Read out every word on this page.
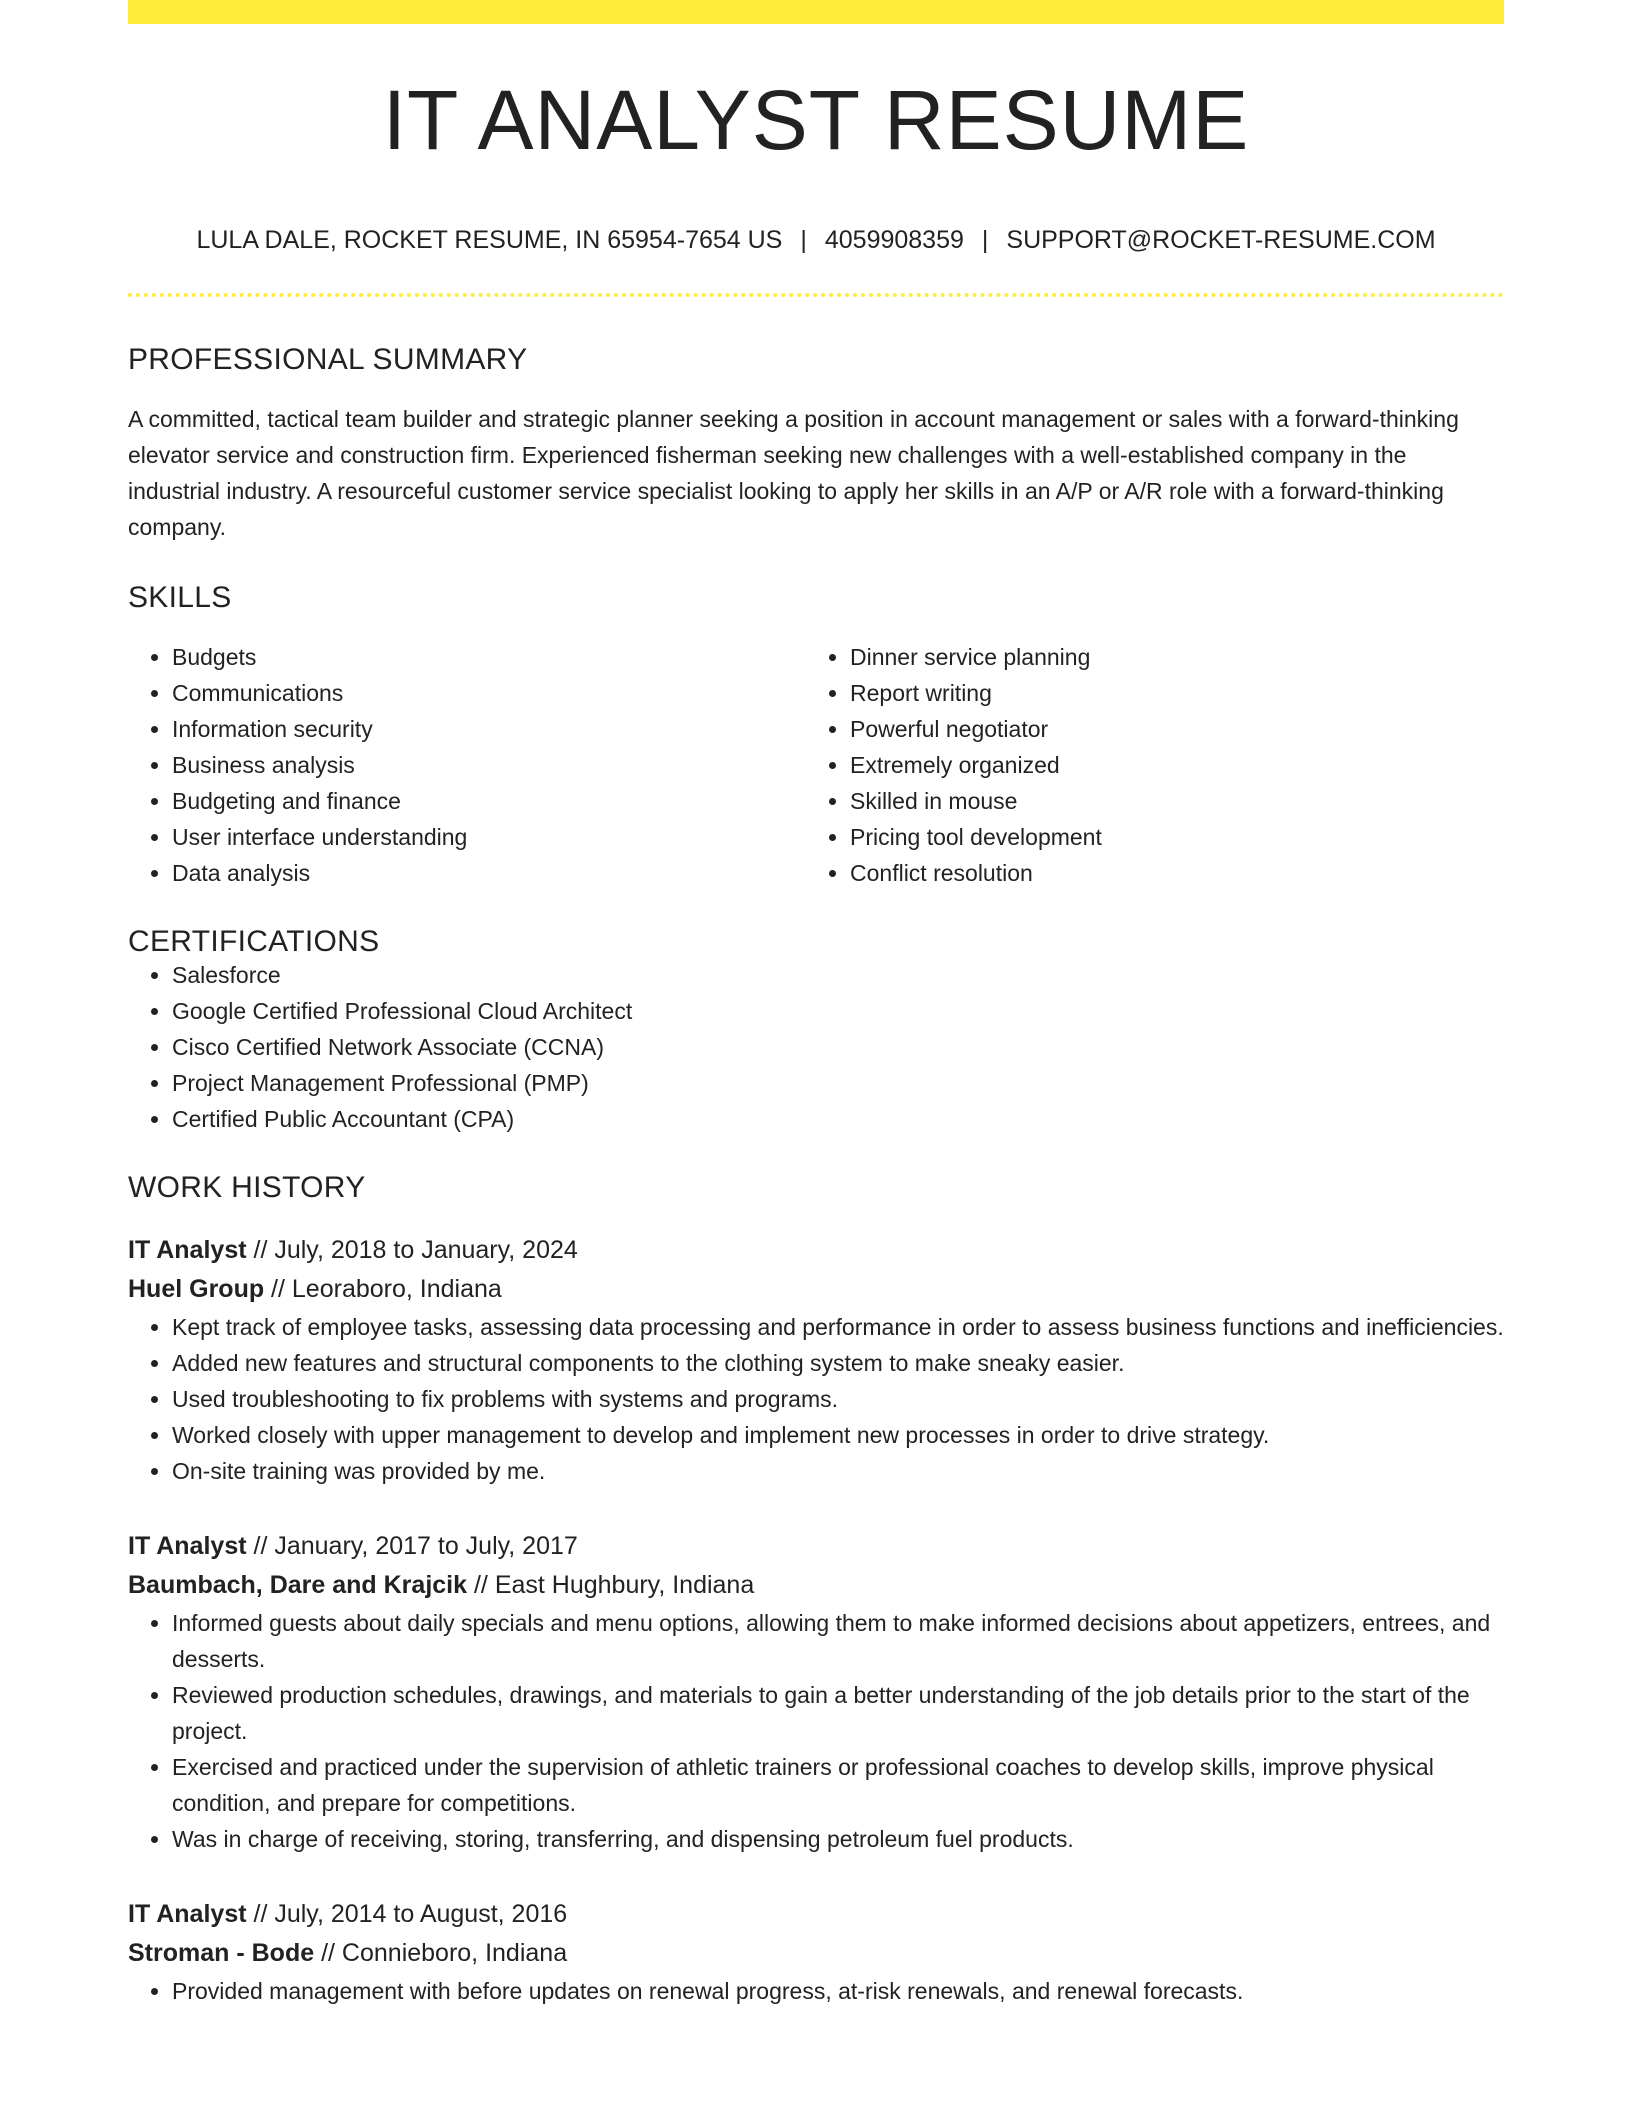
IT ANALYST RESUME
LULA DALE, ROCKET RESUME, IN 65954-7654 US | 4059908359 | SUPPORT@ROCKET-RESUME.COM
PROFESSIONAL SUMMARY
A committed, tactical team builder and strategic planner seeking a position in account management or sales with a forward-thinking elevator service and construction firm. Experienced fisherman seeking new challenges with a well-established company in the industrial industry. A resourceful customer service specialist looking to apply her skills in an A/P or A/R role with a forward-thinking company.
SKILLS
• Budgets
• Communications
• Information security
• Business analysis
• Budgeting and finance
• User interface understanding
• Data analysis
• Dinner service planning
• Report writing
• Powerful negotiator
• Extremely organized
• Skilled in mouse
• Pricing tool development
• Conflict resolution
CERTIFICATIONS
• Salesforce
• Google Certified Professional Cloud Architect
• Cisco Certified Network Associate (CCNA)
• Project Management Professional (PMP)
• Certified Public Accountant (CPA)
WORK HISTORY
IT Analyst // July, 2018 to January, 2024
Huel Group // Leoraboro, Indiana
• Kept track of employee tasks, assessing data processing and performance in order to assess business functions and inefficiencies.
• Added new features and structural components to the clothing system to make sneaky easier.
• Used troubleshooting to fix problems with systems and programs.
• Worked closely with upper management to develop and implement new processes in order to drive strategy.
• On-site training was provided by me.
IT Analyst // January, 2017 to July, 2017
Baumbach, Dare and Krajcik // East Hughbury, Indiana
• Informed guests about daily specials and menu options, allowing them to make informed decisions about appetizers, entrees, and desserts.
• Reviewed production schedules, drawings, and materials to gain a better understanding of the job details prior to the start of the project.
• Exercised and practiced under the supervision of athletic trainers or professional coaches to develop skills, improve physical condition, and prepare for competitions.
• Was in charge of receiving, storing, transferring, and dispensing petroleum fuel products.
IT Analyst // July, 2014 to August, 2016
Stroman - Bode // Connieboro, Indiana
• Provided management with before updates on renewal progress, at-risk renewals, and renewal forecasts.
